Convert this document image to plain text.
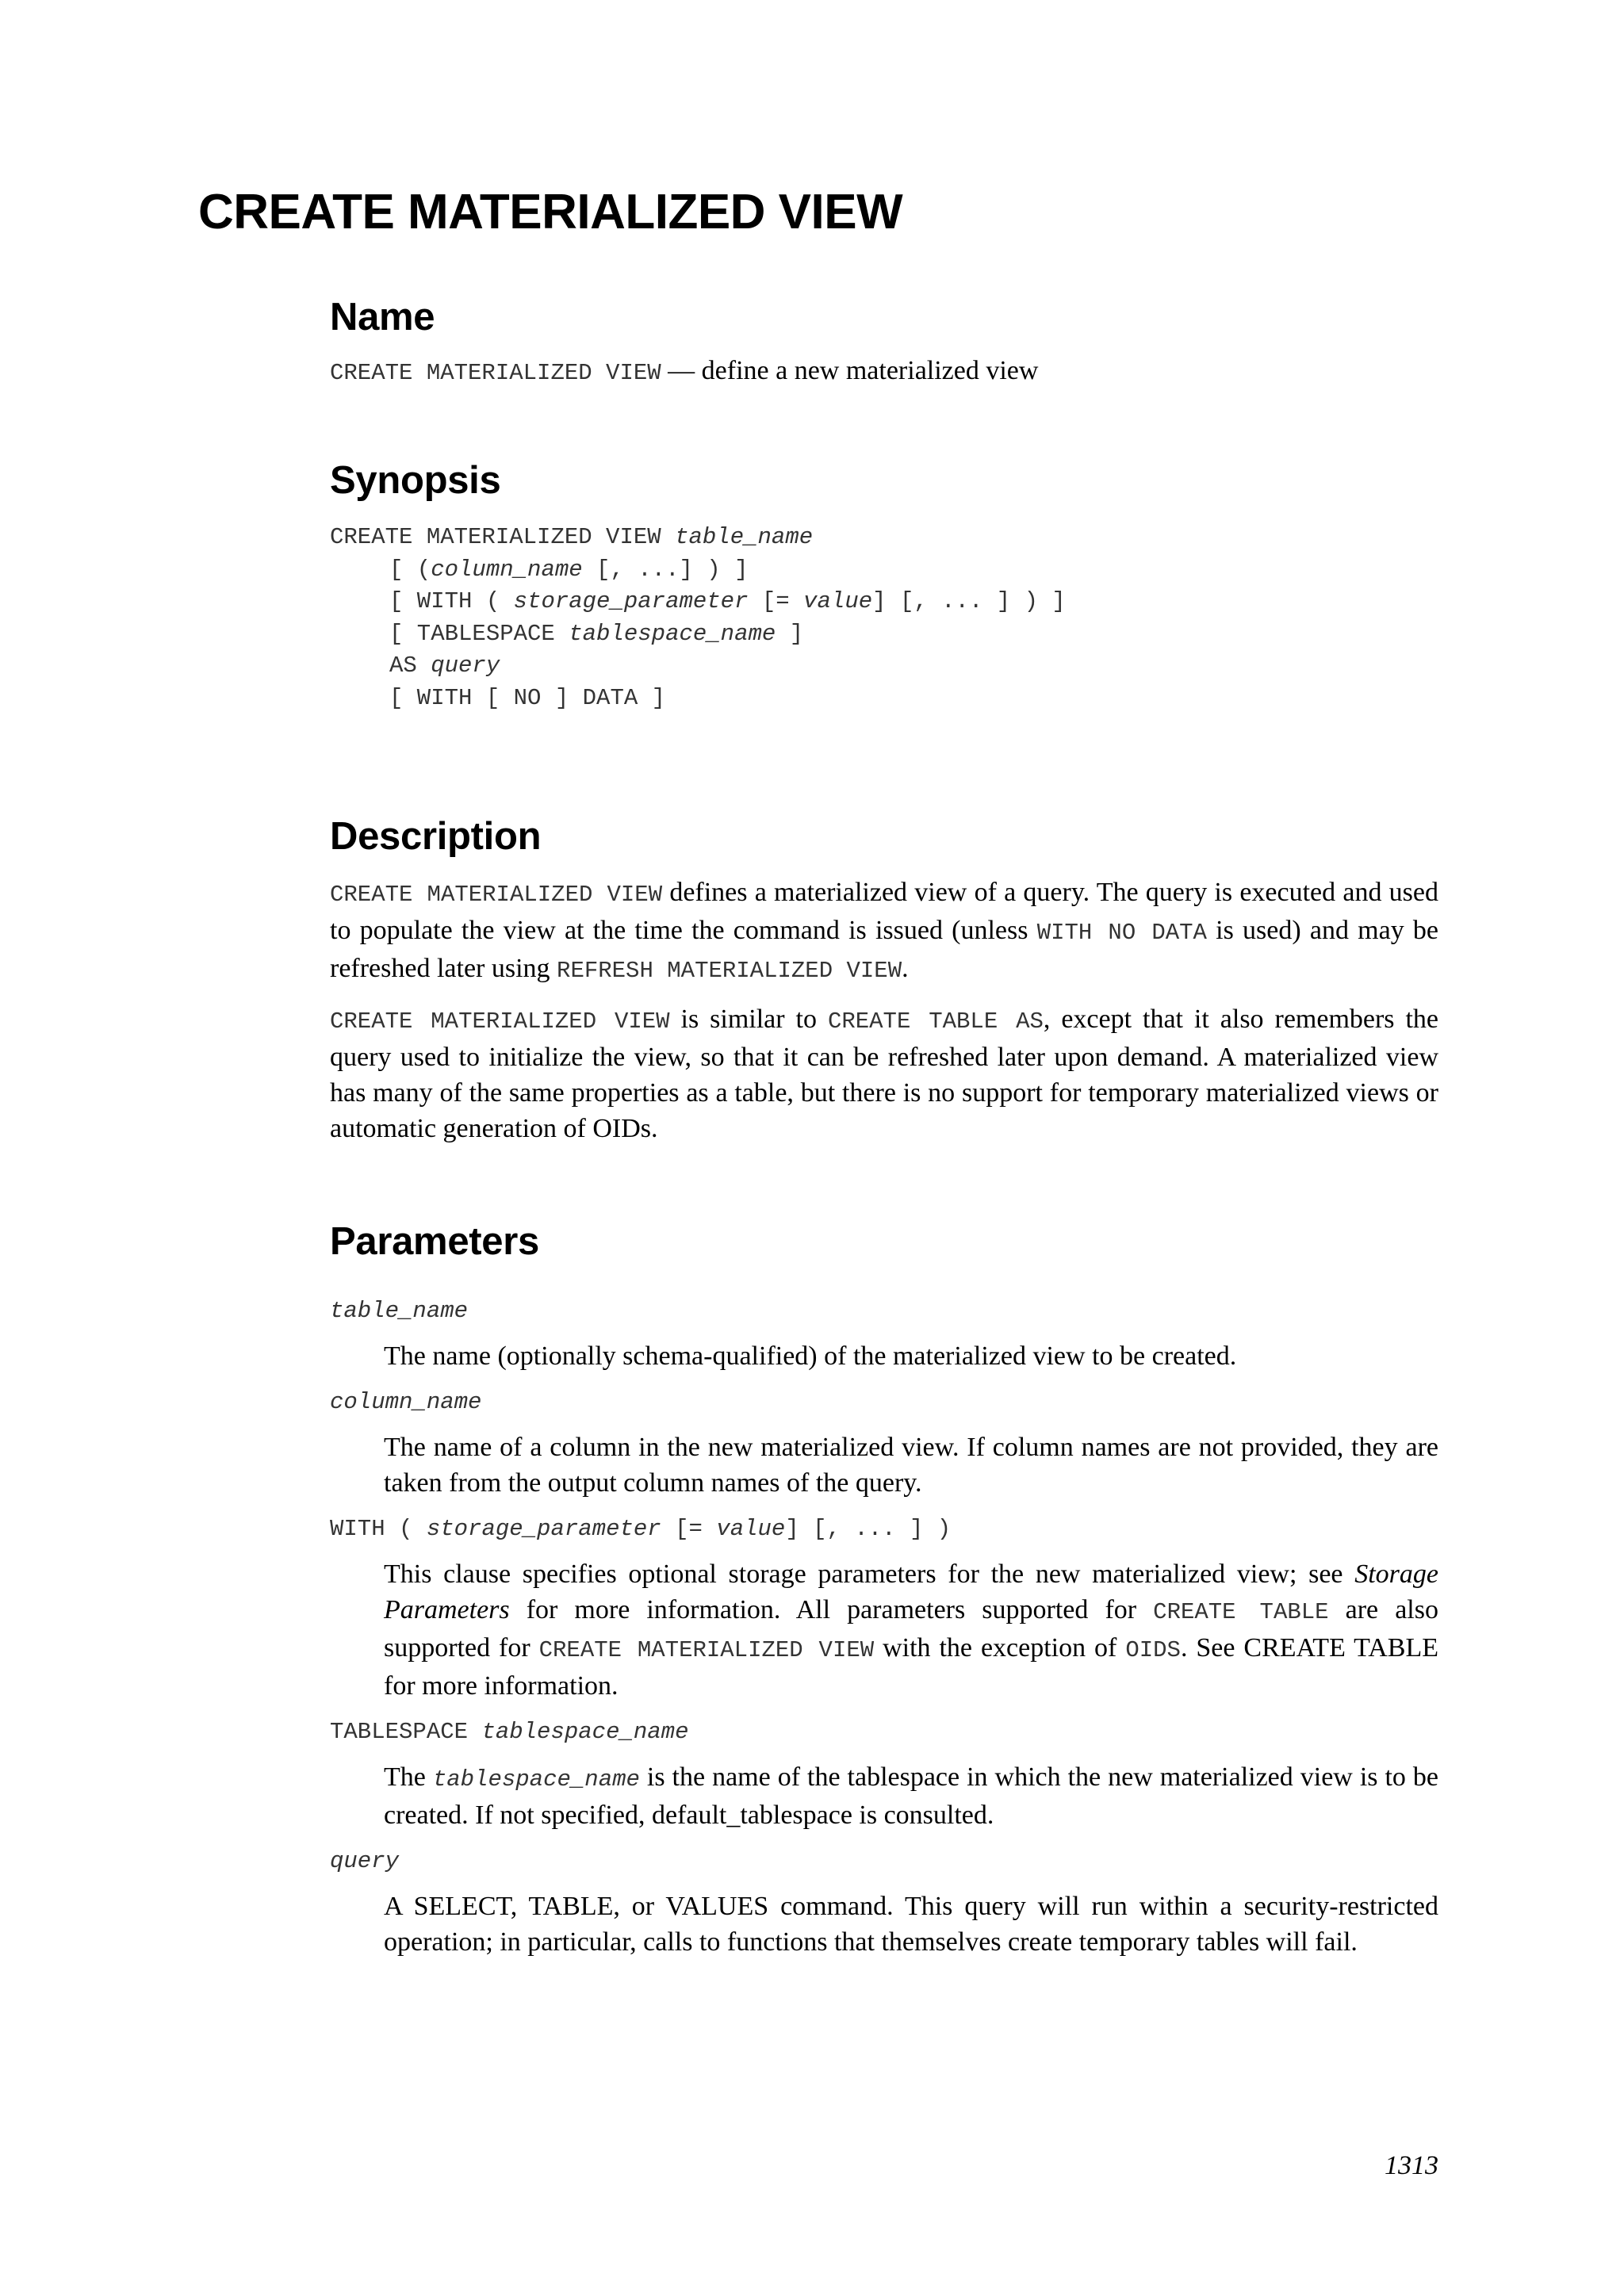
CREATE MATERIALIZED VIEW
Name
CREATE MATERIALIZED VIEW — define a new materialized view
Synopsis
CREATE MATERIALIZED VIEW table_name
[ (column_name [, ...] ) ]
[ WITH ( storage_parameter [= value] [, ... ] ) ]
[ TABLESPACE tablespace_name ]
AS query
[ WITH [ NO ] DATA ]
Description

CREATE MATERIALIZED VIEW defines a materialized view of a query. The query is executed and used to populate the view at the time the command is issued (unless WITH NO DATA is used) and may be refreshed later using REFRESH MATERIALIZED VIEW.

CREATE MATERIALIZED VIEW is similar to CREATE TABLE AS, except that it also remembers the query used to initialize the view, so that it can be refreshed later upon demand. A materialized view has many of the same properties as a table, but there is no support for temporary materialized views or automatic generation of OIDs.

Parameters
table_name

The name (optionally schema-qualified) of the materialized view to be created.

column_name

The name of a column in the new materialized view. If column names are not provided, they are taken from the output column names of the query.

WITH ( storage_parameter [= value] [, ... ] )

This clause specifies optional storage parameters for the new materialized view; see Storage Parameters for more information. All parameters supported for CREATE TABLE are also supported for CREATE MATERIALIZED VIEW with the exception of OIDS. See CREATE TABLE for more information.

TABLESPACE tablespace_name

The tablespace_name is the name of the tablespace in which the new materialized view is to be created. If not specified, default_tablespace is consulted.

query

A SELECT, TABLE, or VALUES command. This query will run within a security-restricted operation; in particular, calls to functions that themselves create temporary tables will fail.

1313
